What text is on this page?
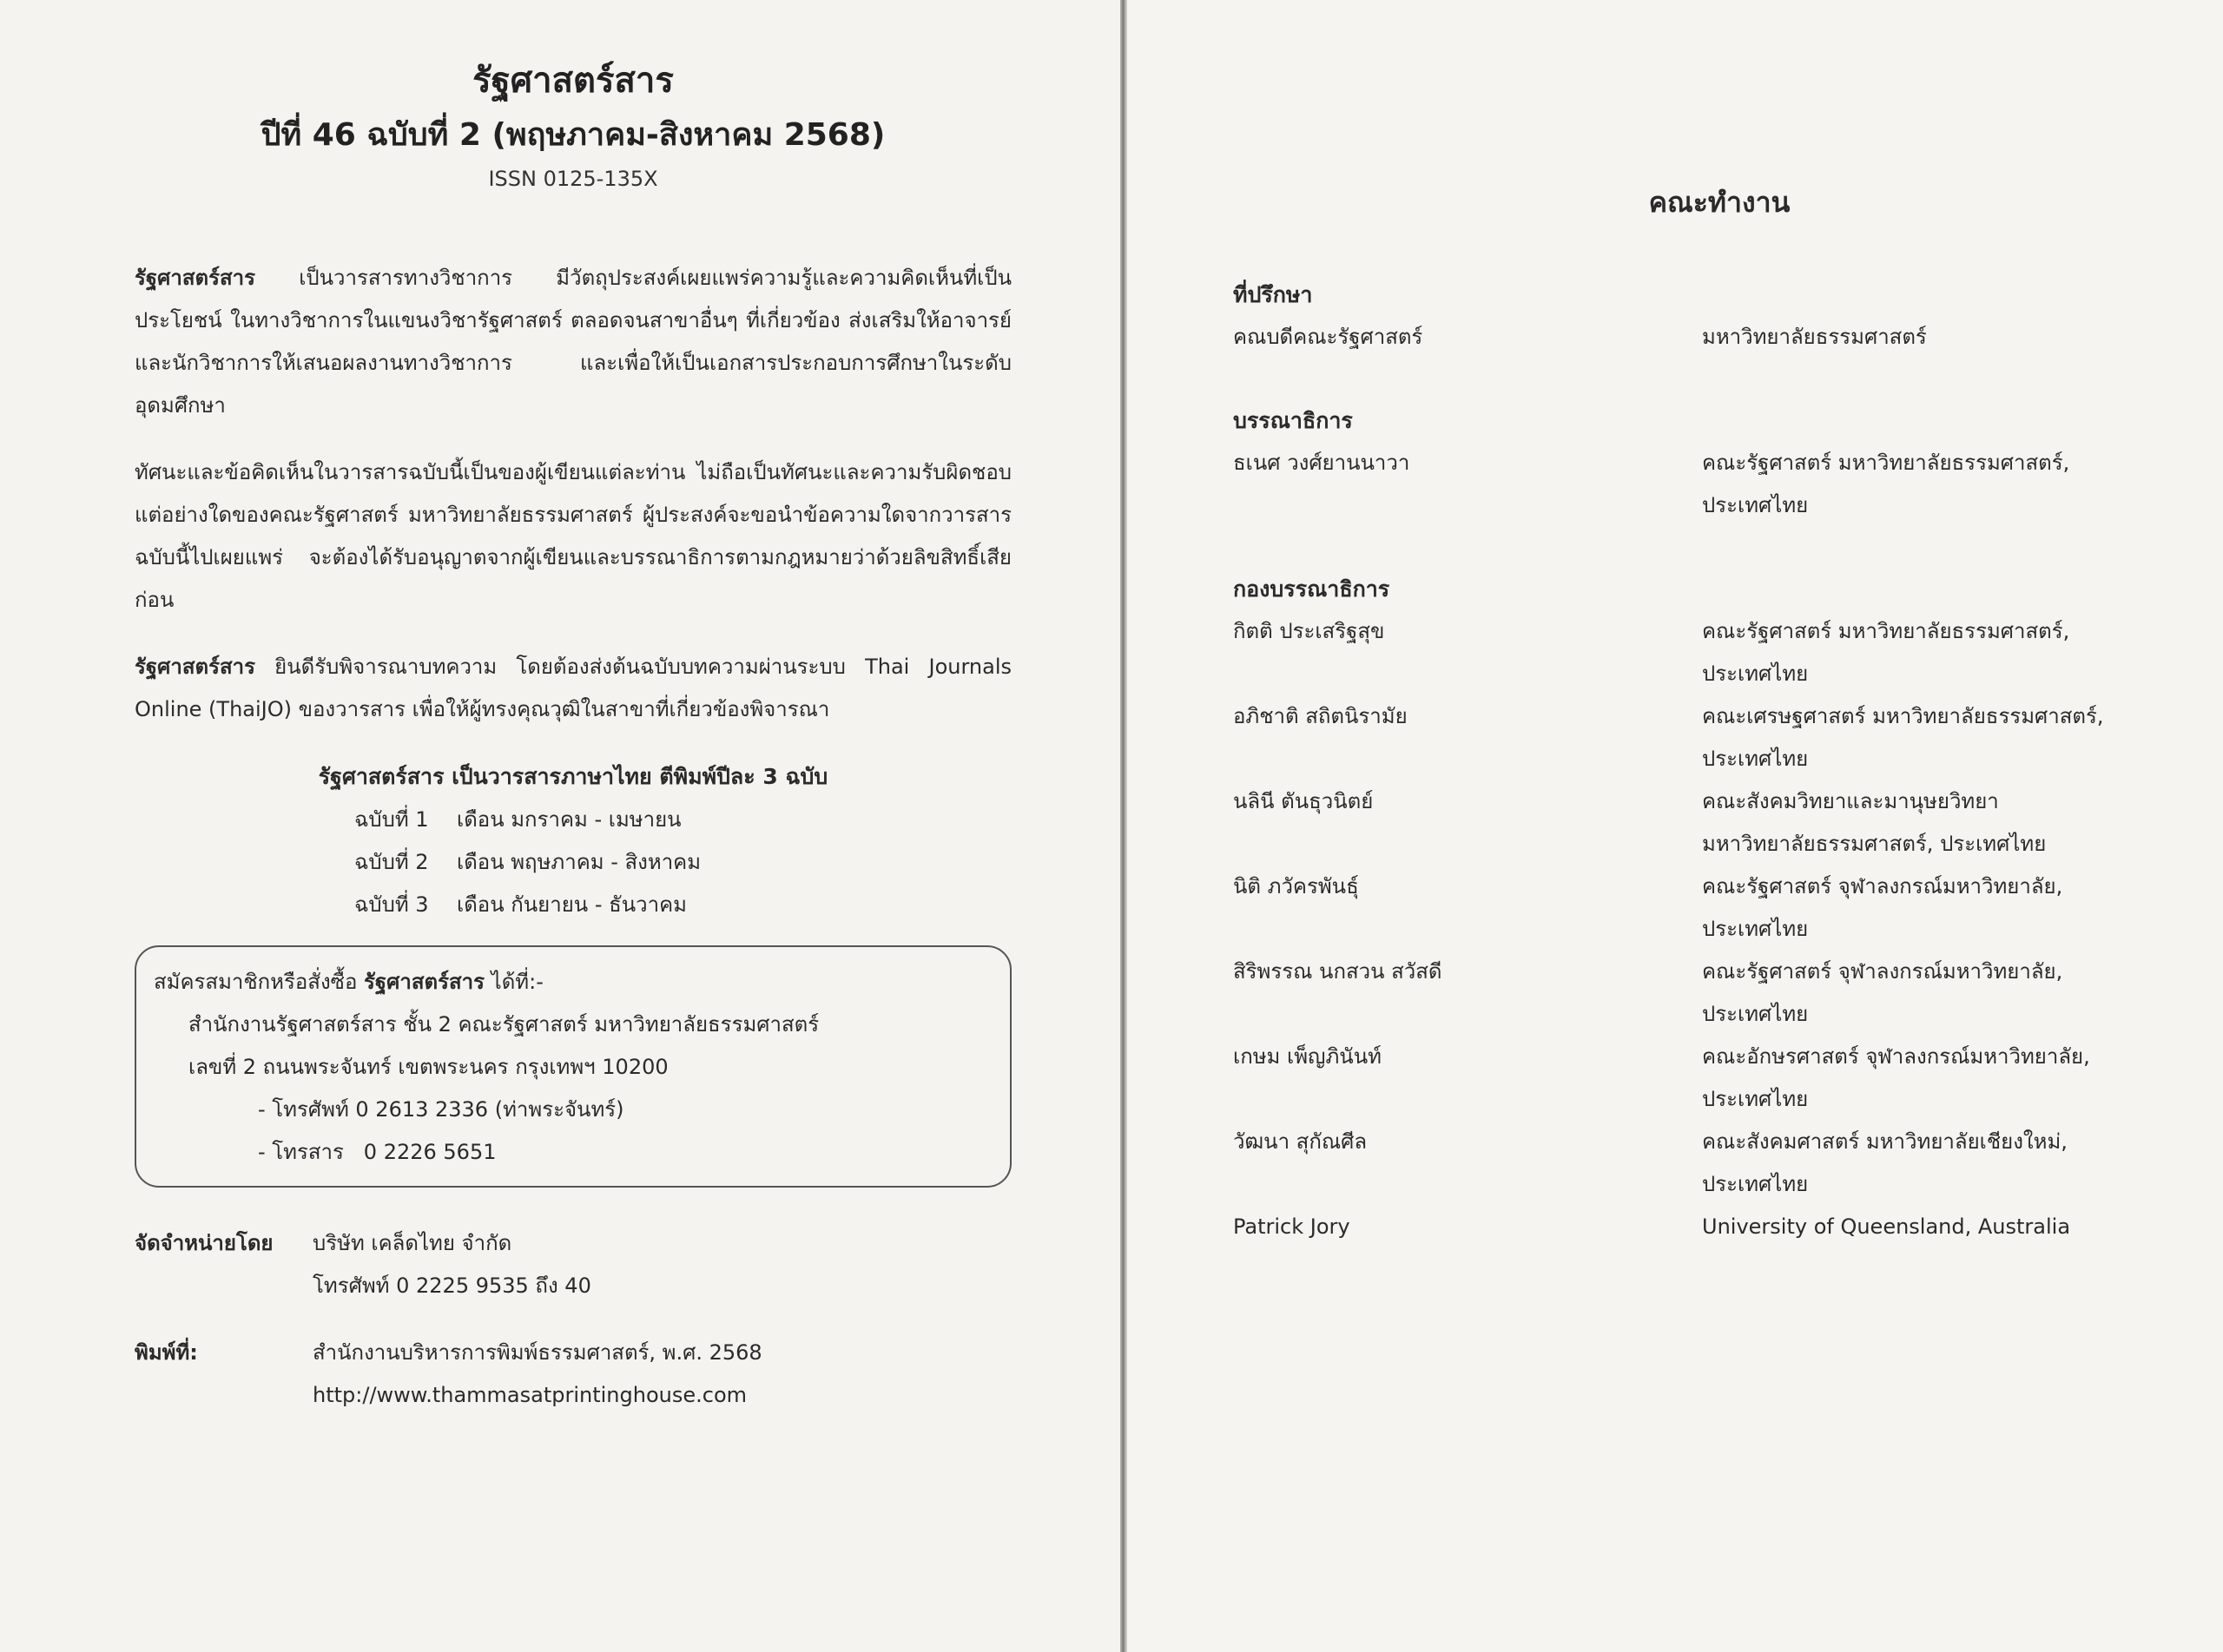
รัฐศาสตร์สาร
ปีที่ 46 ฉบับที่ 2 (พฤษภาคม-สิงหาคม 2568)
ISSN 0125-135X

รัฐศาสตร์สาร เป็นวารสารทางวิชาการ มีวัตถุประสงค์เผยแพร่ความรู้และความคิดเห็นที่เป็นประโยชน์ ในทางวิชาการในแขนงวิชารัฐศาสตร์ ตลอดจนสาขาอื่นๆ ที่เกี่ยวข้อง ส่งเสริมให้อาจารย์และนักวิชาการให้เสนอผลงานทางวิชาการ และเพื่อให้เป็นเอกสารประกอบการศึกษาในระดับอุดมศึกษา

ทัศนะและข้อคิดเห็นในวารสารฉบับนี้เป็นของผู้เขียนแต่ละท่าน ไม่ถือเป็นทัศนะและความรับผิดชอบแต่อย่างใดของคณะรัฐศาสตร์ มหาวิทยาลัยธรรมศาสตร์ ผู้ประสงค์จะขอนำข้อความใดจากวารสารฉบับนี้ไปเผยแพร่ จะต้องได้รับอนุญาตจากผู้เขียนและบรรณาธิการตามกฎหมายว่าด้วยลิขสิทธิ์เสียก่อน

รัฐศาสตร์สาร ยินดีรับพิจารณาบทความ โดยต้องส่งต้นฉบับบทความผ่านระบบ Thai Journals Online (ThaiJO) ของวารสาร เพื่อให้ผู้ทรงคุณวุฒิในสาขาที่เกี่ยวข้องพิจารณา

รัฐศาสตร์สาร เป็นวารสารภาษาไทย ตีพิมพ์ปีละ 3 ฉบับ
ฉบับที่ 1	เดือน มกราคม - เมษายน
ฉบับที่ 2	เดือน พฤษภาคม - สิงหาคม
ฉบับที่ 3	เดือน กันยายน - ธันวาคม
สมัครสมาชิกหรือสั่งซื้อ รัฐศาสตร์สาร ได้ที่:-
สำนักงานรัฐศาสตร์สาร ชั้น 2 คณะรัฐศาสตร์ มหาวิทยาลัยธรรมศาสตร์
เลขที่ 2 ถนนพระจันทร์ เขตพระนคร กรุงเทพฯ 10200
- โทรศัพท์ 0 2613 2336 (ท่าพระจันทร์)
- โทรสาร   0 2226 5651
จัดจำหน่ายโดย	บริษัท เคล็ดไทย จำกัด
โทรศัพท์ 0 2225 9535 ถึง 40
พิมพ์ที่:	สำนักงานบริหารการพิมพ์ธรรมศาสตร์, พ.ศ. 2568
http://www.thammasatprintinghouse.com
คณะทำงาน
ที่ปรึกษา
คณบดีคณะรัฐศาสตร์	มหาวิทยาลัยธรรมศาสตร์
บรรณาธิการ
ธเนศ วงศ์ยานนาวา	คณะรัฐศาสตร์ มหาวิทยาลัยธรรมศาสตร์,
ประเทศไทย
กองบรรณาธิการ
กิตติ ประเสริฐสุข	คณะรัฐศาสตร์ มหาวิทยาลัยธรรมศาสตร์,
ประเทศไทย
อภิชาติ สถิตนิรามัย	คณะเศรษฐศาสตร์ มหาวิทยาลัยธรรมศาสตร์,
ประเทศไทย
นลินี ตันธุวนิตย์	คณะสังคมวิทยาและมานุษยวิทยา
มหาวิทยาลัยธรรมศาสตร์, ประเทศไทย
นิติ ภวัครพันธุ์	คณะรัฐศาสตร์ จุฬาลงกรณ์มหาวิทยาลัย,
ประเทศไทย
สิริพรรณ นกสวน สวัสดี	คณะรัฐศาสตร์ จุฬาลงกรณ์มหาวิทยาลัย,
ประเทศไทย
เกษม เพ็ญภินันท์	คณะอักษรศาสตร์ จุฬาลงกรณ์มหาวิทยาลัย,
ประเทศไทย
วัฒนา สุกัณศีล	คณะสังคมศาสตร์ มหาวิทยาลัยเชียงใหม่,
ประเทศไทย
Patrick Jory	University of Queensland, Australia
